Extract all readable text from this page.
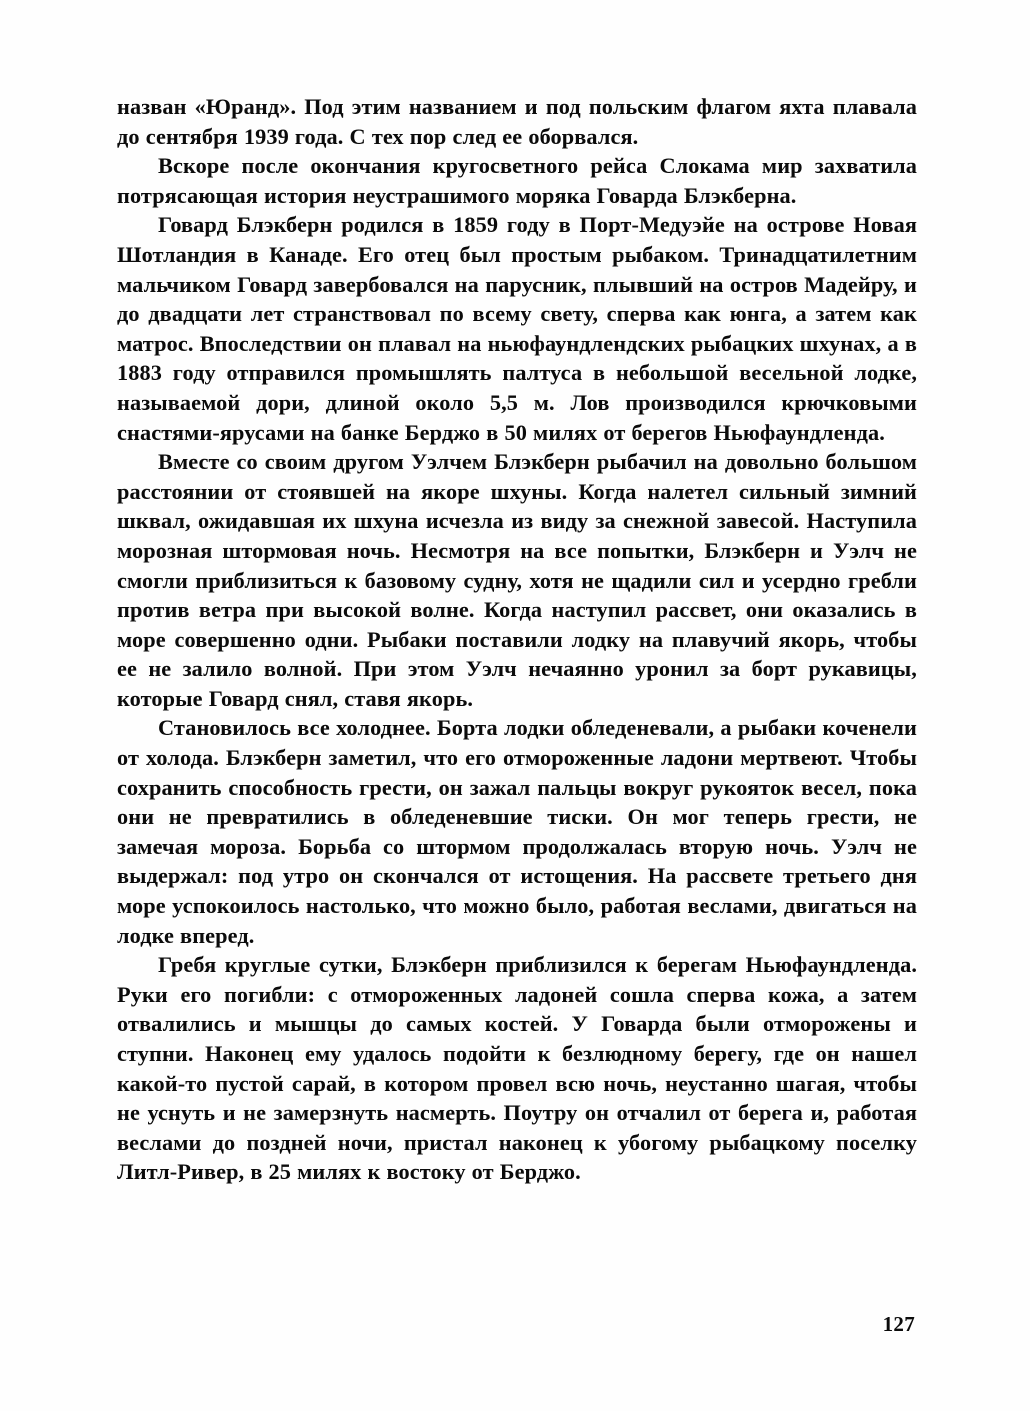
назван «Юранд». Под этим названием и под польским флагом яхта плавала до сентября 1939 года. С тех пор след ее оборвался.

Вскоре после окончания кругосветного рейса Слокама мир захватила потрясающая история неустрашимого моряка Говарда Блэкберна.

Говард Блэкберн родился в 1859 году в Порт-Медуэйе на острове Новая Шотландия в Канаде. Его отец был простым рыбаком. Тринадцатилетним мальчиком Говард завербовался на парусник, плывший на остров Мадейру, и до двадцати лет странствовал по всему свету, сперва как юнга, а затем как матрос. Впоследствии он плавал на ньюфаундлендских рыбацких шхунах, а в 1883 году отправился промышлять палтуса в небольшой весельной лодке, называемой дори, длиной около 5,5 м. Лов производился крючковыми снастями-ярусами на банке Берджо в 50 милях от берегов Ньюфаундленда.

Вместе со своим другом Уэлчем Блэкберн рыбачил на довольно большом расстоянии от стоявшей на якоре шхуны. Когда налетел сильный зимний шквал, ожидавшая их шхуна исчезла из виду за снежной завесой. Наступила морозная штормовая ночь. Несмотря на все попытки, Блэкберн и Уэлч не смогли приблизиться к базовому судну, хотя не щадили сил и усердно гребли против ветра при высокой волне. Когда наступил рассвет, они оказались в море совершенно одни. Рыбаки поставили лодку на плавучий якорь, чтобы ее не залило волной. При этом Уэлч нечаянно уронил за борт рукавицы, которые Говард снял, ставя якорь.

Становилось все холоднее. Борта лодки обледеневали, а рыбаки коченели от холода. Блэкберн заметил, что его отмороженные ладони мертвеют. Чтобы сохранить способность грести, он зажал пальцы вокруг рукояток весел, пока они не превратились в обледеневшие тиски. Он мог теперь грести, не замечая мороза. Борьба со штормом продолжалась вторую ночь. Уэлч не выдержал: под утро он скончался от истощения. На рассвете третьего дня море успокоилось настолько, что можно было, работая веслами, двигаться на лодке вперед.

Гребя круглые сутки, Блэкберн приблизился к берегам Ньюфаундленда. Руки его погибли: с отмороженных ладоней сошла сперва кожа, а затем отвалились и мышцы до самых костей. У Говарда были отморожены и ступни. Наконец ему удалось подойти к безлюдному берегу, где он нашел какой-то пустой сарай, в котором провел всю ночь, неустанно шагая, чтобы не уснуть и не замерзнуть насмерть. Поутру он отчалил от берега и, работая веслами до поздней ночи, пристал наконец к убогому рыбацкому поселку Литл-Ривер, в 25 милях к востоку от Берджо.

127
